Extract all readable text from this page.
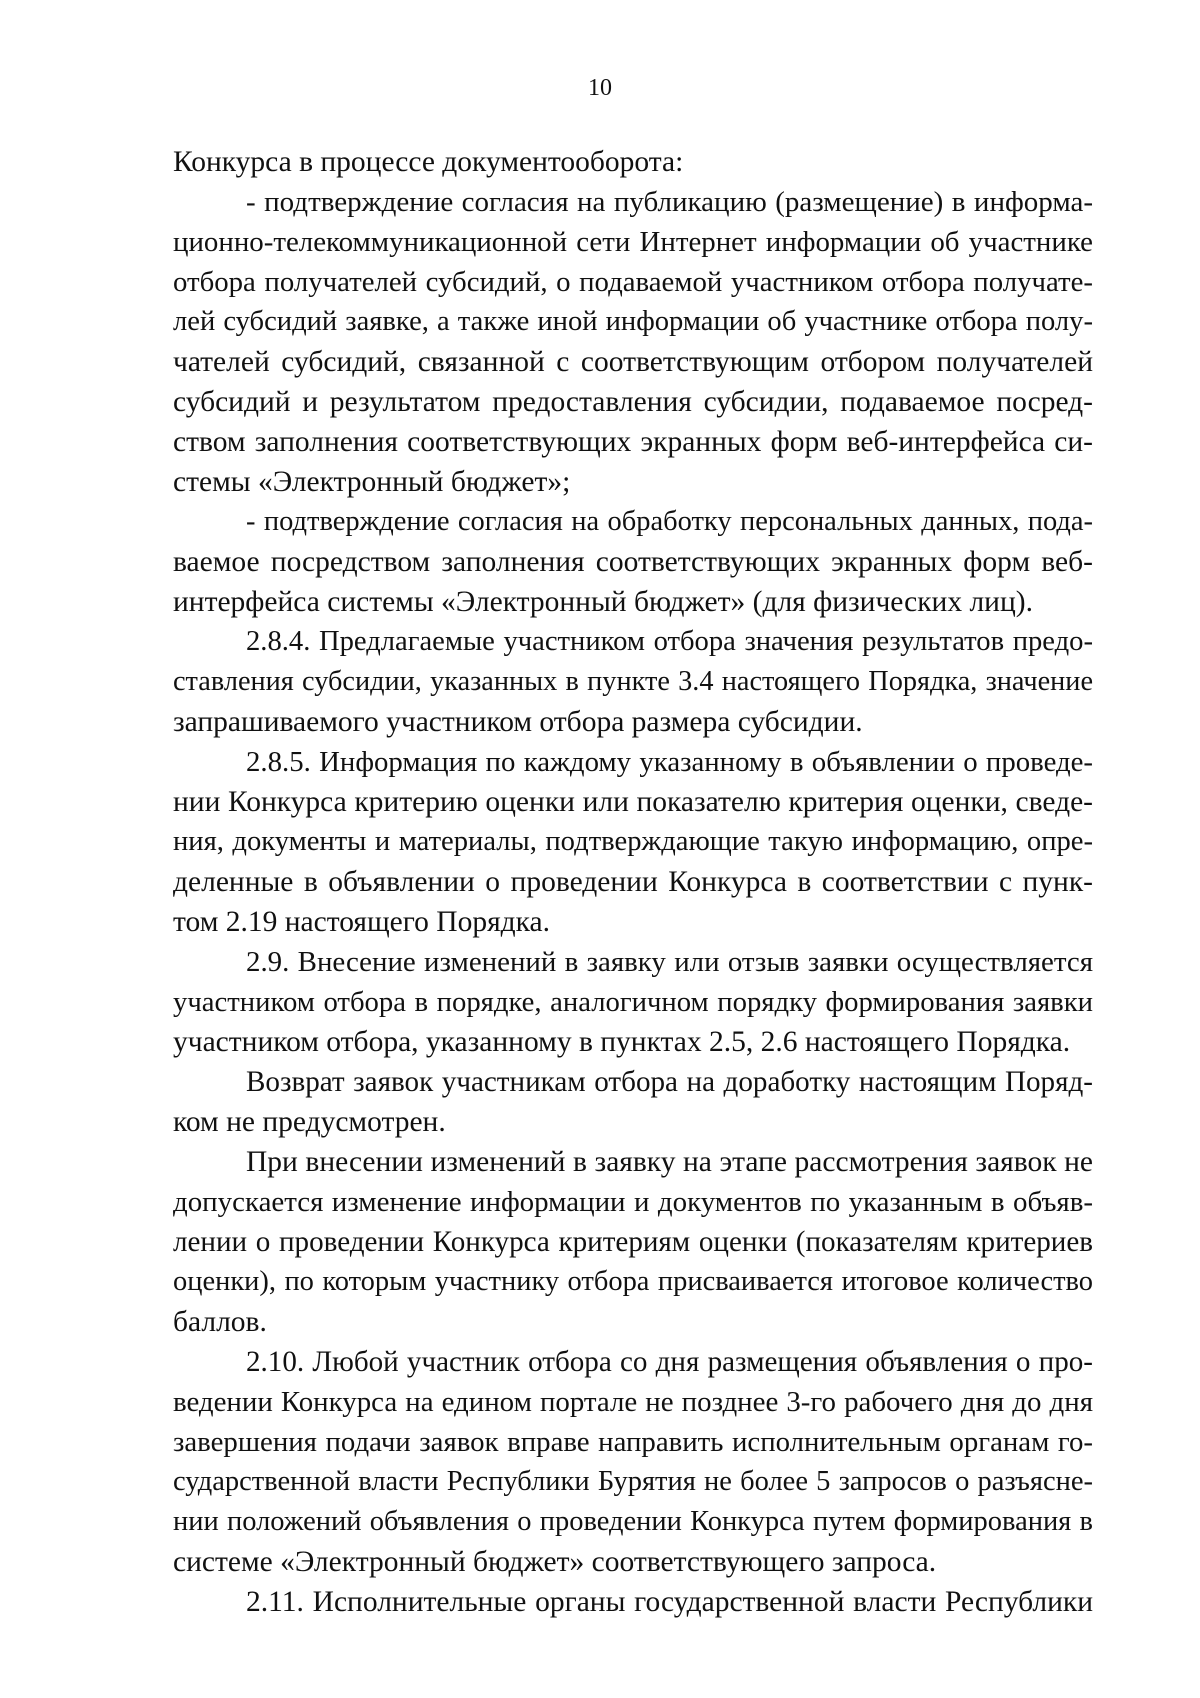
10
Конкурса в процессе документооборота:
- подтверждение согласия на публикацию (размещение) в информа-
ционно-телекоммуникационной сети Интернет информации об участнике
отбора получателей субсидий, о подаваемой участником отбора получате-
лей субсидий заявке, а также иной информации об участнике отбора полу-
чателей субсидий, связанной с соответствующим отбором получателей
субсидий и результатом предоставления субсидии, подаваемое посред-
ством заполнения соответствующих экранных форм веб-интерфейса си-
стемы «Электронный бюджет»;
- подтверждение согласия на обработку персональных данных, пода-
ваемое посредством заполнения соответствующих экранных форм веб-
интерфейса системы «Электронный бюджет» (для физических лиц).
2.8.4. Предлагаемые участником отбора значения результатов предо-
ставления субсидии, указанных в пункте 3.4 настоящего Порядка, значение
запрашиваемого участником отбора размера субсидии.
2.8.5. Информация по каждому указанному в объявлении о проведе-
нии Конкурса критерию оценки или показателю критерия оценки, сведе-
ния, документы и материалы, подтверждающие такую информацию, опре-
деленные в объявлении о проведении Конкурса в соответствии с пунк-
том 2.19 настоящего Порядка.
2.9. Внесение изменений в заявку или отзыв заявки осуществляется
участником отбора в порядке, аналогичном порядку формирования заявки
участником отбора, указанному в пунктах 2.5, 2.6 настоящего Порядка.
Возврат заявок участникам отбора на доработку настоящим Поряд-
ком не предусмотрен.
При внесении изменений в заявку на этапе рассмотрения заявок не
допускается изменение информации и документов по указанным в объяв-
лении о проведении Конкурса критериям оценки (показателям критериев
оценки), по которым участнику отбора присваивается итоговое количество
баллов.
2.10. Любой участник отбора со дня размещения объявления о про-
ведении Конкурса на едином портале не позднее 3-го рабочего дня до дня
завершения подачи заявок вправе направить исполнительным органам го-
сударственной власти Республики Бурятия не более 5 запросов о разъясне-
нии положений объявления о проведении Конкурса путем формирования в
системе «Электронный бюджет» соответствующего запроса.
2.11. Исполнительные органы государственной власти Республики
